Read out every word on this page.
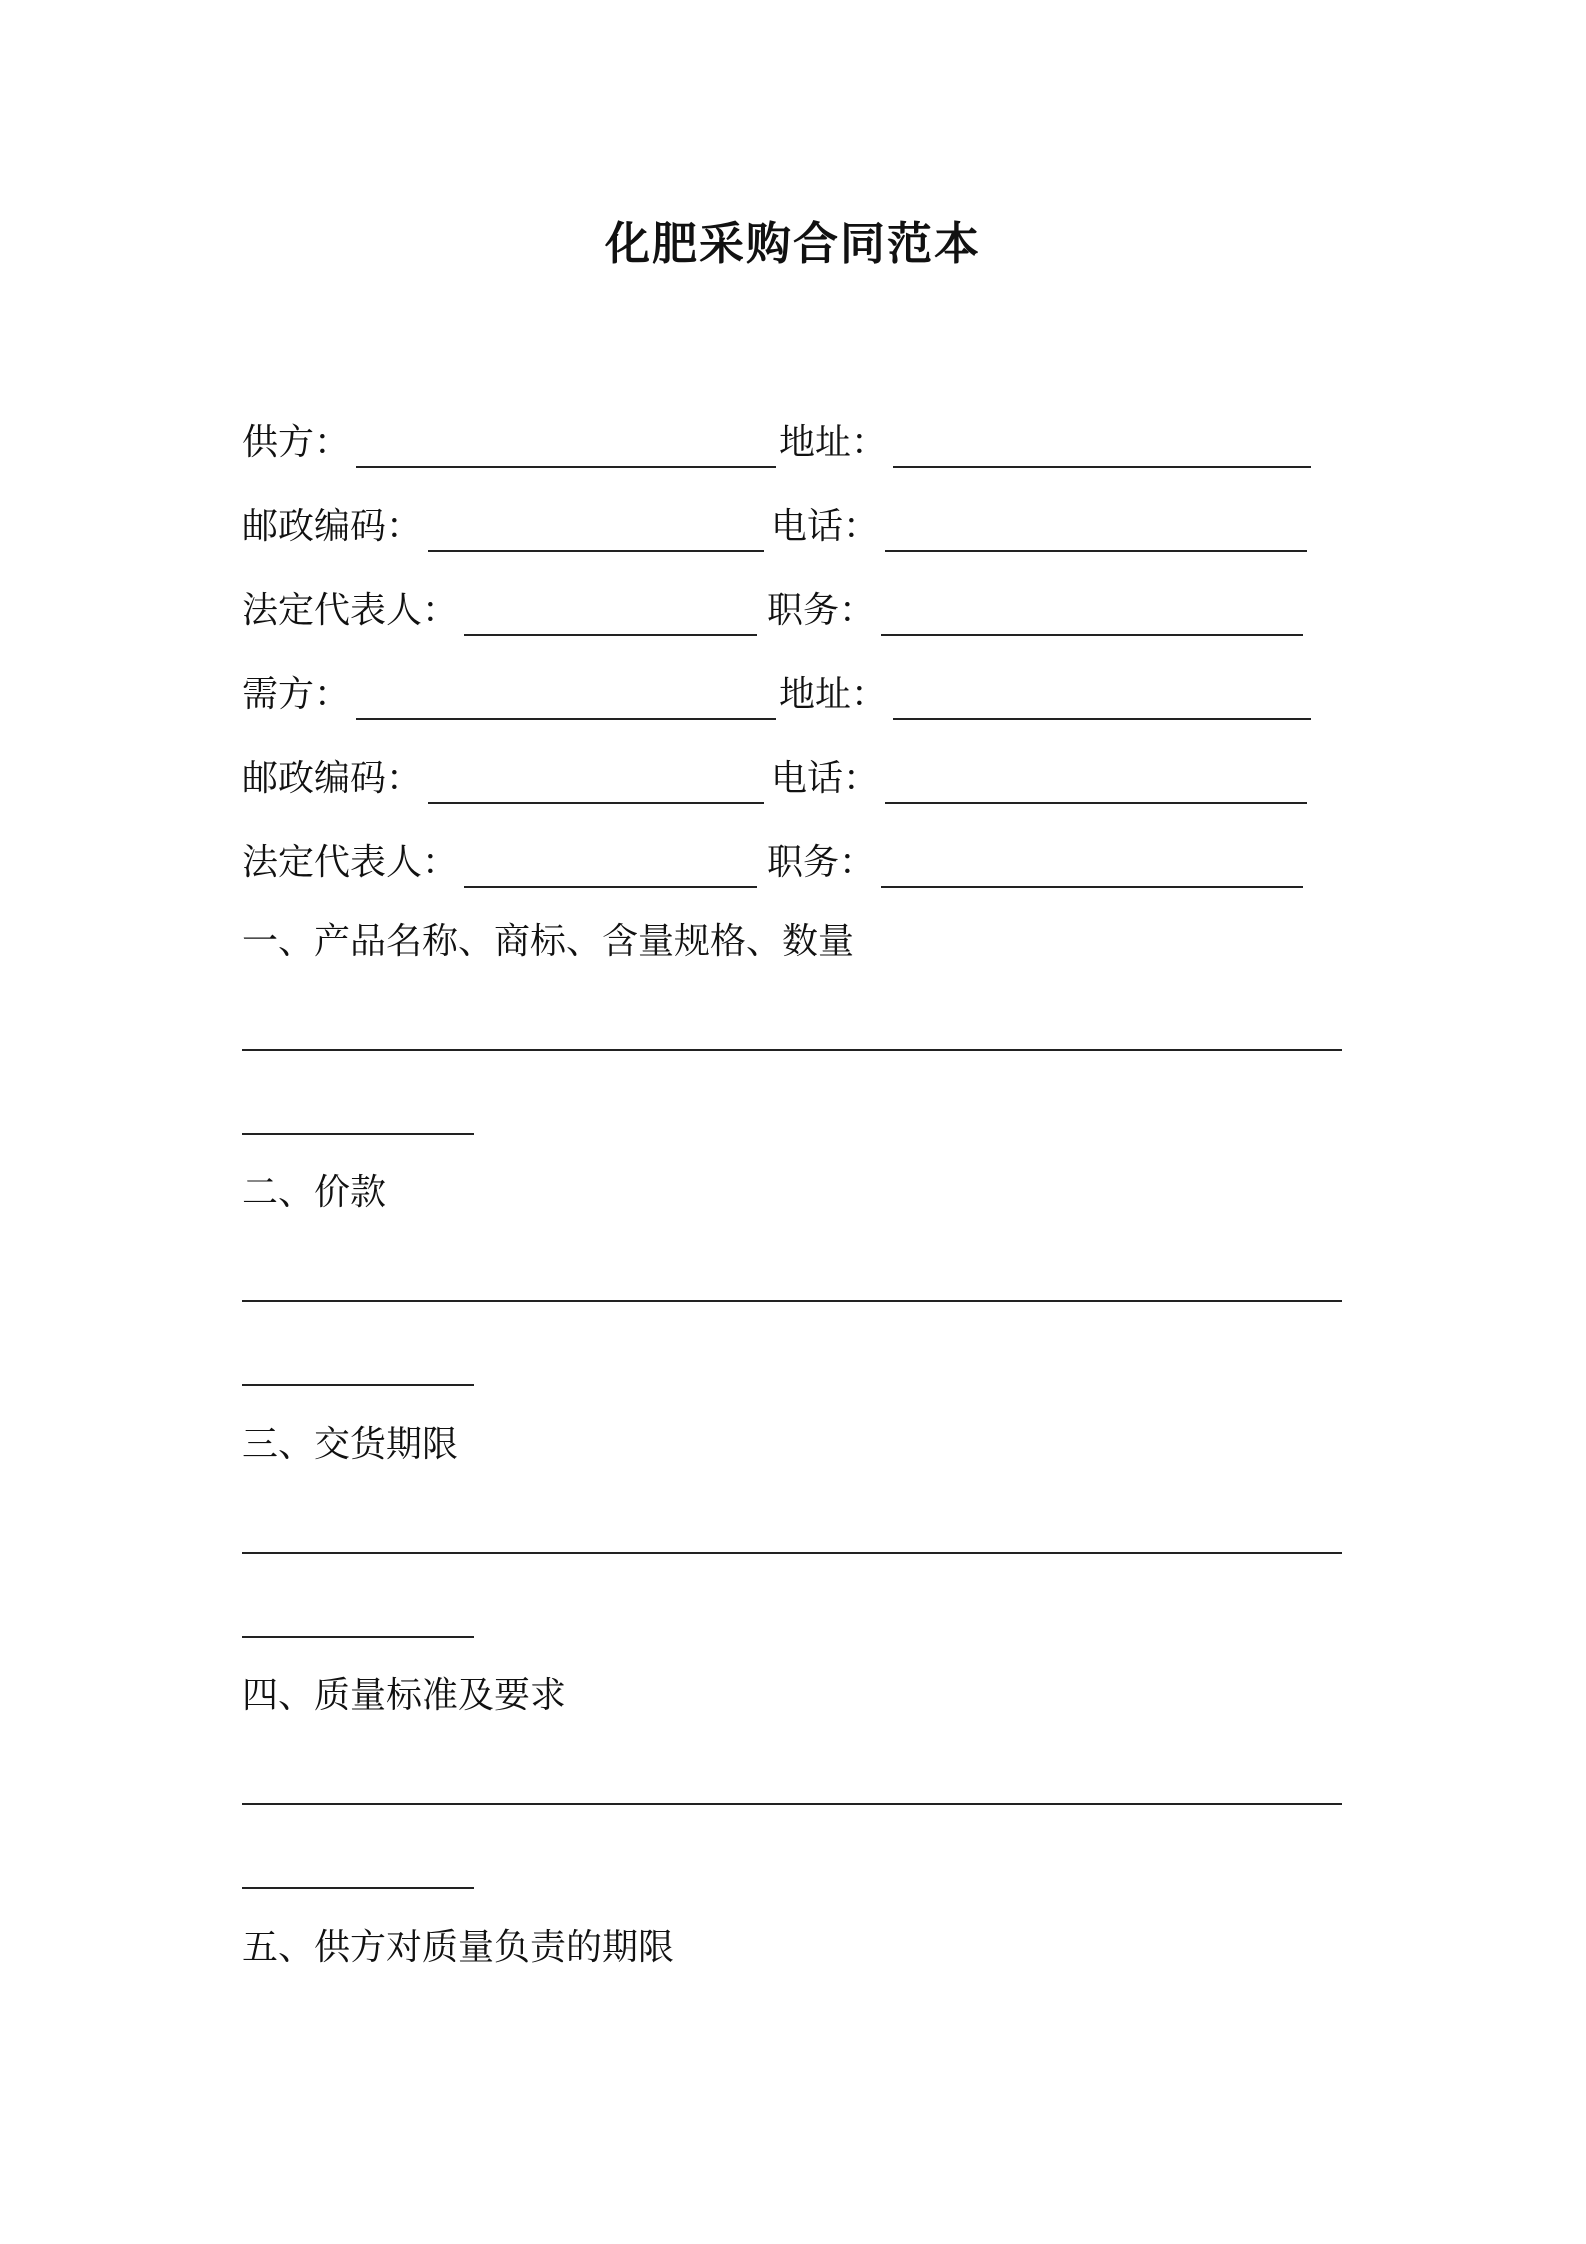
化肥采购合同范本
供方：	地址：
邮政编码：	电话：
法定代表人：	职务：
需方：	地址：
邮政编码：	电话：
法定代表人：	职务：
一、产品名称、商标、含量规格、数量
二、价款
三、交货期限
四、质量标准及要求
五、供方对质量负责的期限
